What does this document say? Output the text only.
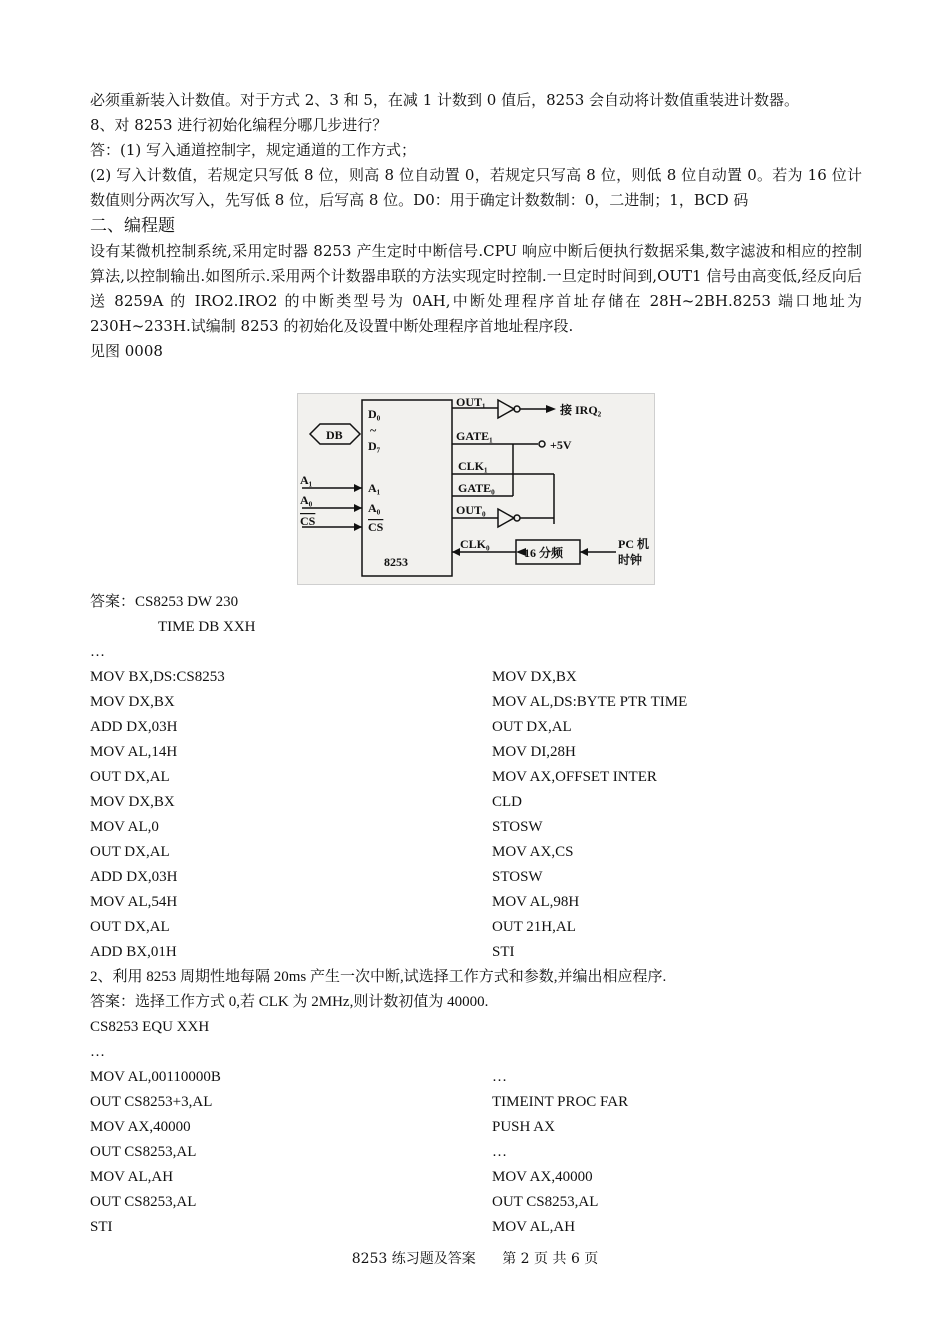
必须重新装入计数值。对于方式 2、3 和 5，在减 1 计数到 0 值后，8253 会自动将计数值重装进计数器。
8、对 8253 进行初始化编程分哪几步进行？
答：(1) 写入通道控制字，规定通道的工作方式；
(2) 写入计数值，若规定只写低 8 位，则高 8 位自动置 0，若规定只写高 8 位，则低 8 位自动置 0。若为 16 位计数值则分两次写入，先写低 8 位，后写高 8 位。D0：用于确定计数数制：0，二进制；1，BCD 码
二、编程题
设有某微机控制系统,采用定时器 8253 产生定时中断信号.CPU 响应中断后便执行数据采集,数字滤波和相应的控制算法,以控制输出.如图所示.采用两个计数器串联的方法实现定时控制.一旦定时时间到,OUT1 信号由高变低,经反向后送 8259A 的 IRO2.IRO2 的中断类型号为 0AH,中断处理程序首址存储在 28H~2BH.8253 端口地址为 230H~233H.试编制 8253 的初始化及设置中断处理程序首地址程序段.
见图 0008
DB
D₀
~
D₇
A₁
A₀
CS
A₁
A₀
CS
8253
OUT₁
GATE₁
CLK₁
GATE₀
OUT₀
CLK₀
接 IRQ₂
+5V
16 分频
PC 机
时钟
答案：CS8253 DW 230
TIME DB XXH
…
MOV BX,DS:CS8253	MOV DX,BX
MOV DX,BX	MOV AL,DS:BYTE PTR TIME
ADD DX,03H	OUT DX,AL
MOV AL,14H	MOV DI,28H
OUT DX,AL	MOV AX,OFFSET INTER
MOV DX,BX	CLD
MOV AL,0	STOSW
OUT DX,AL	MOV AX,CS
ADD DX,03H	STOSW
MOV AL,54H	MOV AL,98H
OUT DX,AL	OUT 21H,AL
ADD BX,01H	STI
2、利用 8253 周期性地每隔 20ms 产生一次中断,试选择工作方式和参数,并编出相应程序.
答案：选择工作方式 0,若 CLK 为 2MHz,则计数初值为 40000.
CS8253 EQU XXH
…
MOV AL,00110000B	…
OUT CS8253+3,AL	TIMEINT PROC FAR
MOV AX,40000	PUSH AX
OUT CS8253,AL	…
MOV AL,AH	MOV AX,40000
OUT CS8253,AL	OUT CS8253,AL
STI	MOV AL,AH
8253 练习题及答案 第 2 页 共 6 页
